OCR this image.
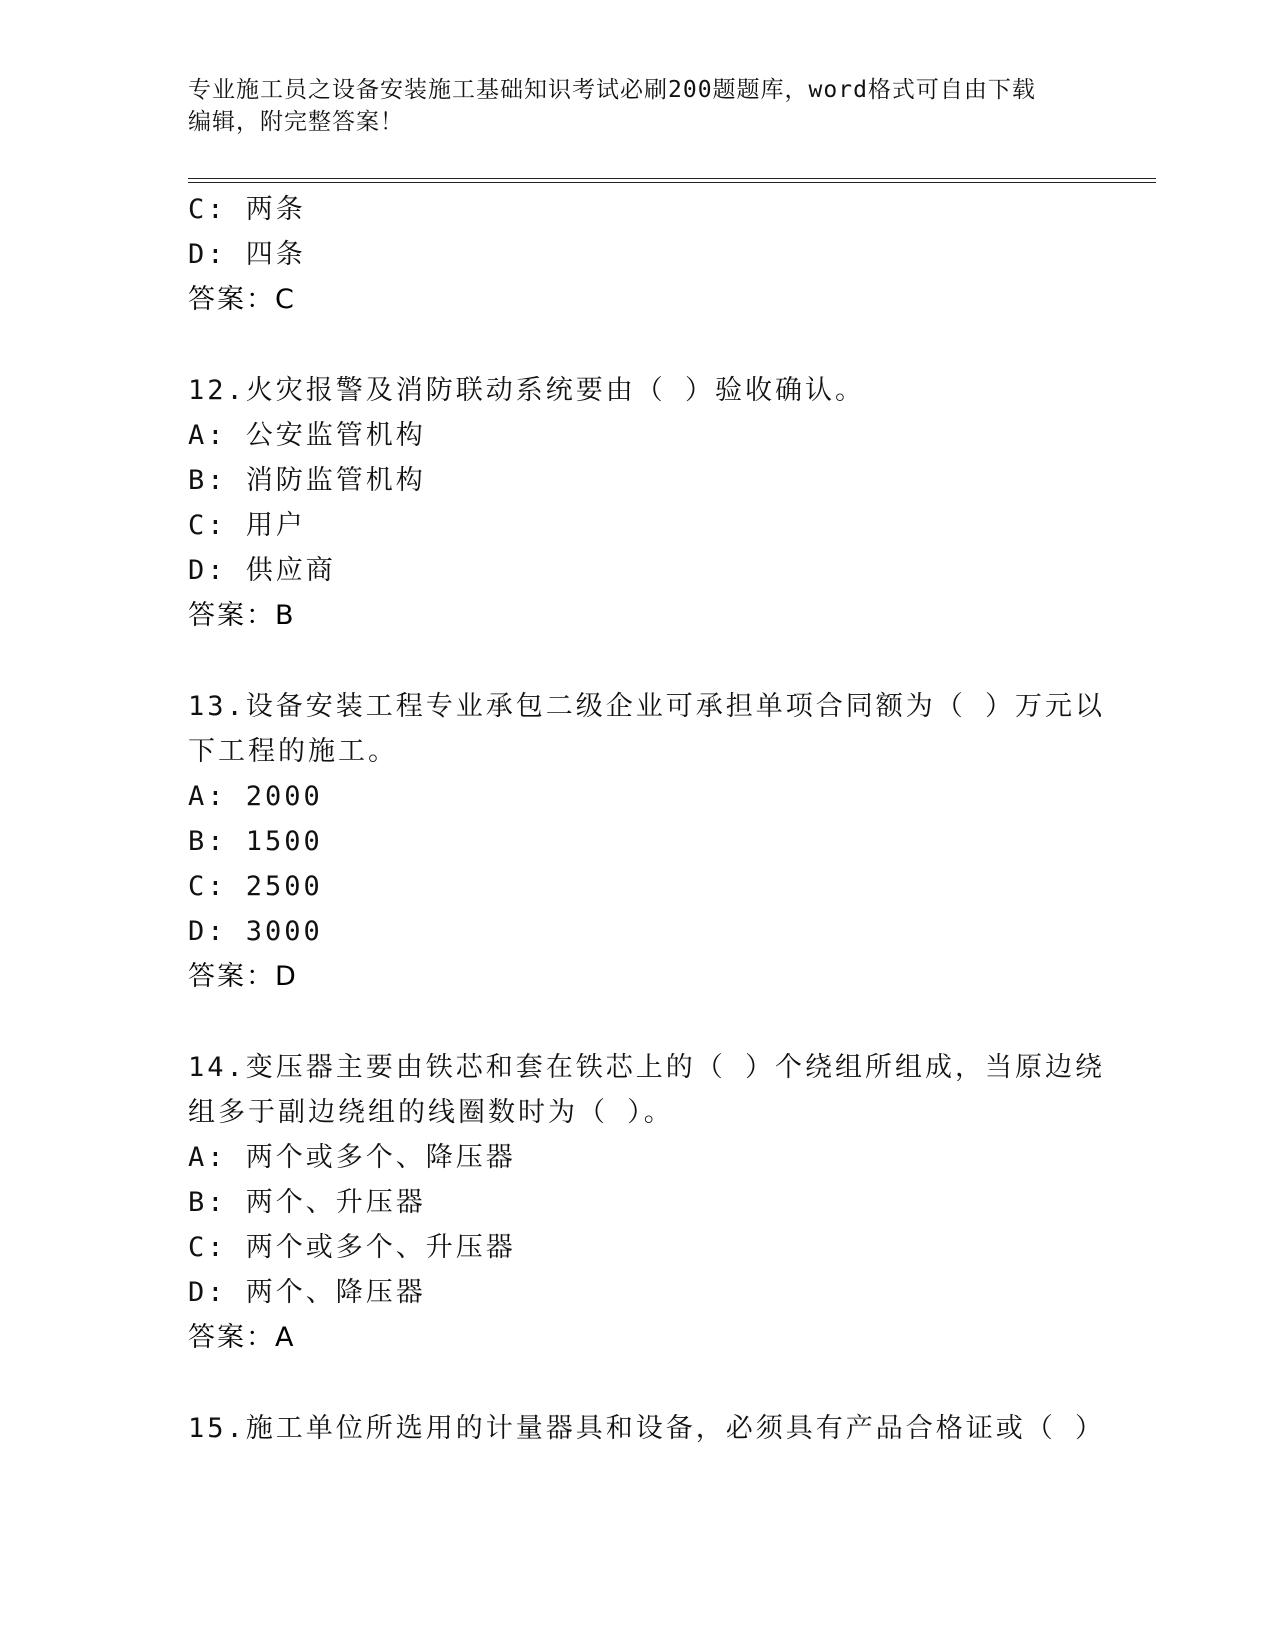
专业施工员之设备安装施工基础知识考试必刷200题题库，word格式可自由下载
编辑，附完整答案！
C: 两条
D: 四条
答案：C
12.火灾报警及消防联动系统要由（ ）验收确认。
A: 公安监管机构
B: 消防监管机构
C: 用户
D: 供应商
答案：B
13.设备安装工程专业承包二级企业可承担单项合同额为（ ）万元以
下工程的施工。
A: 2000
B: 1500
C: 2500
D: 3000
答案：D
14.变压器主要由铁芯和套在铁芯上的（ ）个绕组所组成，当原边绕
组多于副边绕组的线圈数时为（ ）。
A: 两个或多个、降压器
B: 两个、升压器
C: 两个或多个、升压器
D: 两个、降压器
答案：A
15.施工单位所选用的计量器具和设备，必须具有产品合格证或（ ）
